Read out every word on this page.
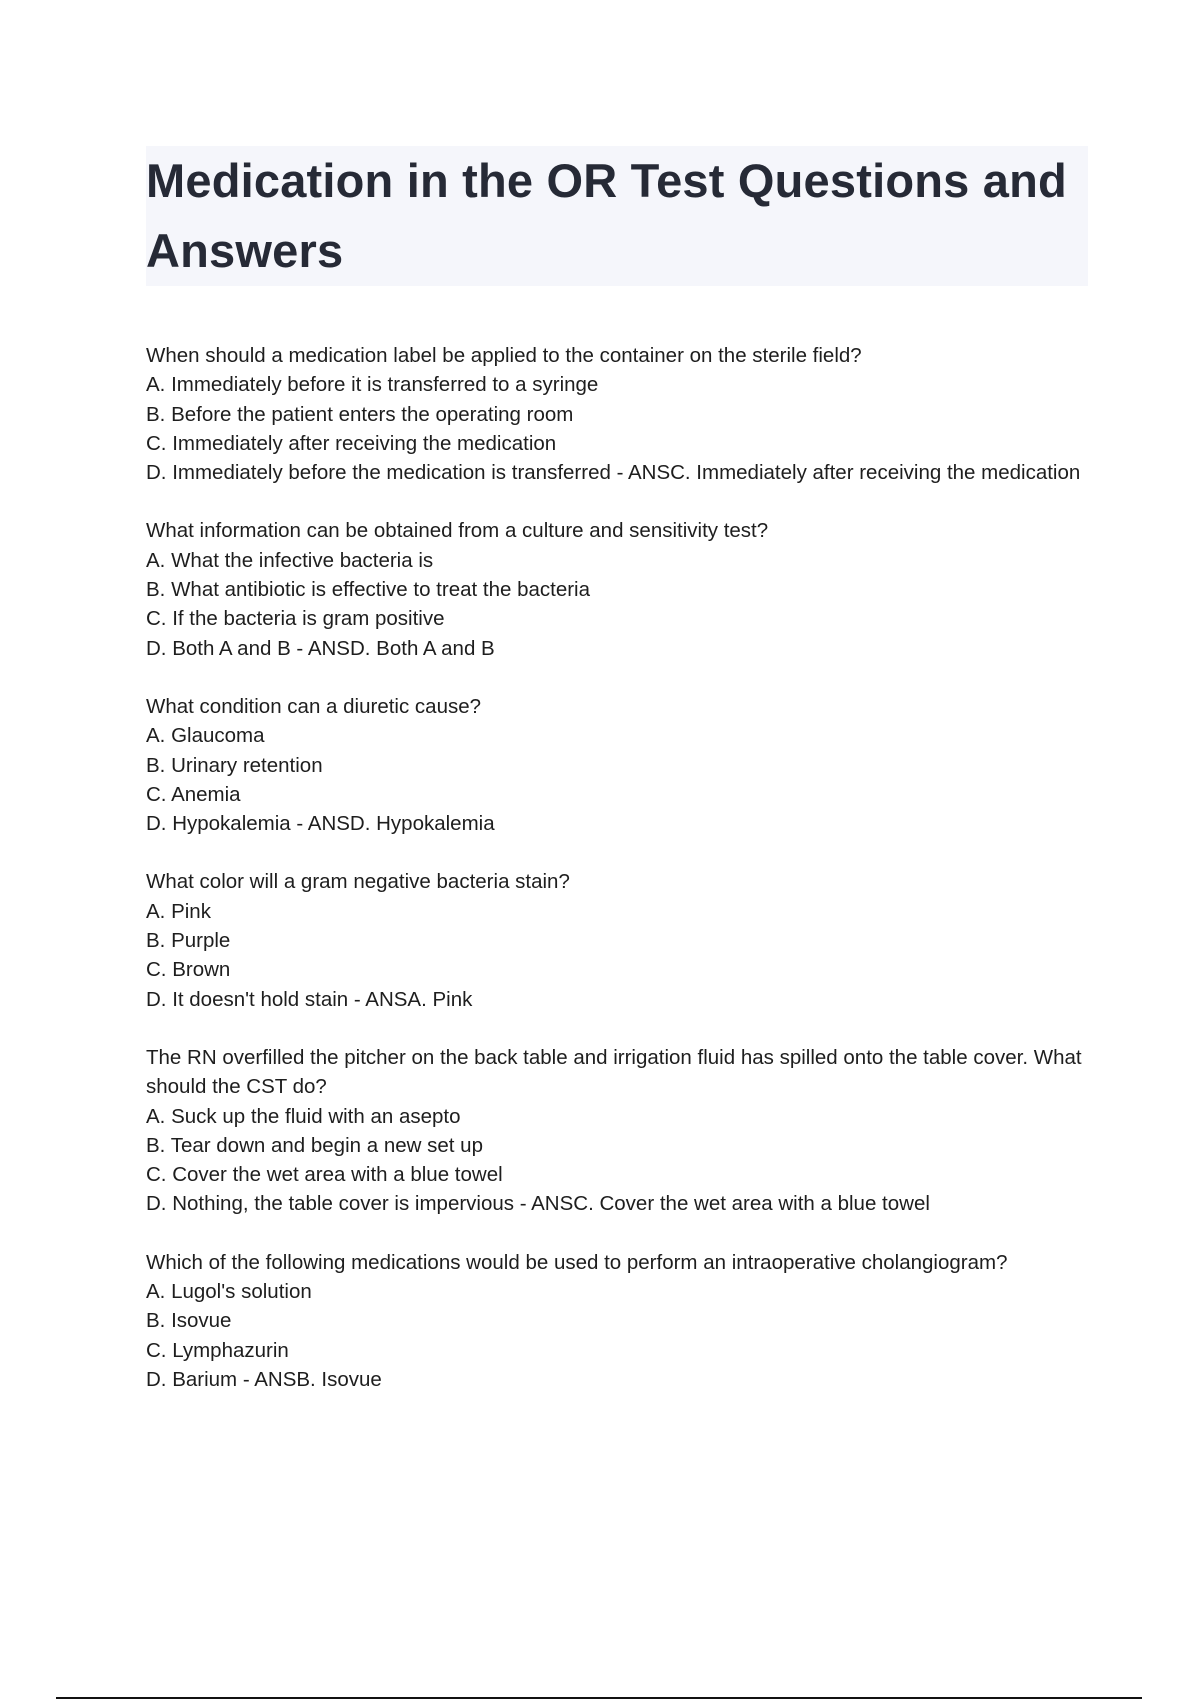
Medication in the OR Test Questions and Answers
When should a medication label be applied to the container on the sterile field?
A. Immediately before it is transferred to a syringe
B. Before the patient enters the operating room
C. Immediately after receiving the medication
D. Immediately before the medication is transferred - ANSC. Immediately after receiving the medication
What information can be obtained from a culture and sensitivity test?
A. What the infective bacteria is
B. What antibiotic is effective to treat the bacteria
C. If the bacteria is gram positive
D. Both A and B - ANSD. Both A and B
What condition can a diuretic cause?
A. Glaucoma
B. Urinary retention
C. Anemia
D. Hypokalemia - ANSD. Hypokalemia
What color will a gram negative bacteria stain?
A. Pink
B. Purple
C. Brown
D. It doesn't hold stain - ANSA. Pink
The RN overfilled the pitcher on the back table and irrigation fluid has spilled onto the table cover. What should the CST do?
A. Suck up the fluid with an asepto
B. Tear down and begin a new set up
C. Cover the wet area with a blue towel
D. Nothing, the table cover is impervious - ANSC. Cover the wet area with a blue towel
Which of the following medications would be used to perform an intraoperative cholangiogram?
A. Lugol's solution
B. Isovue
C. Lymphazurin
D. Barium - ANSB. Isovue
